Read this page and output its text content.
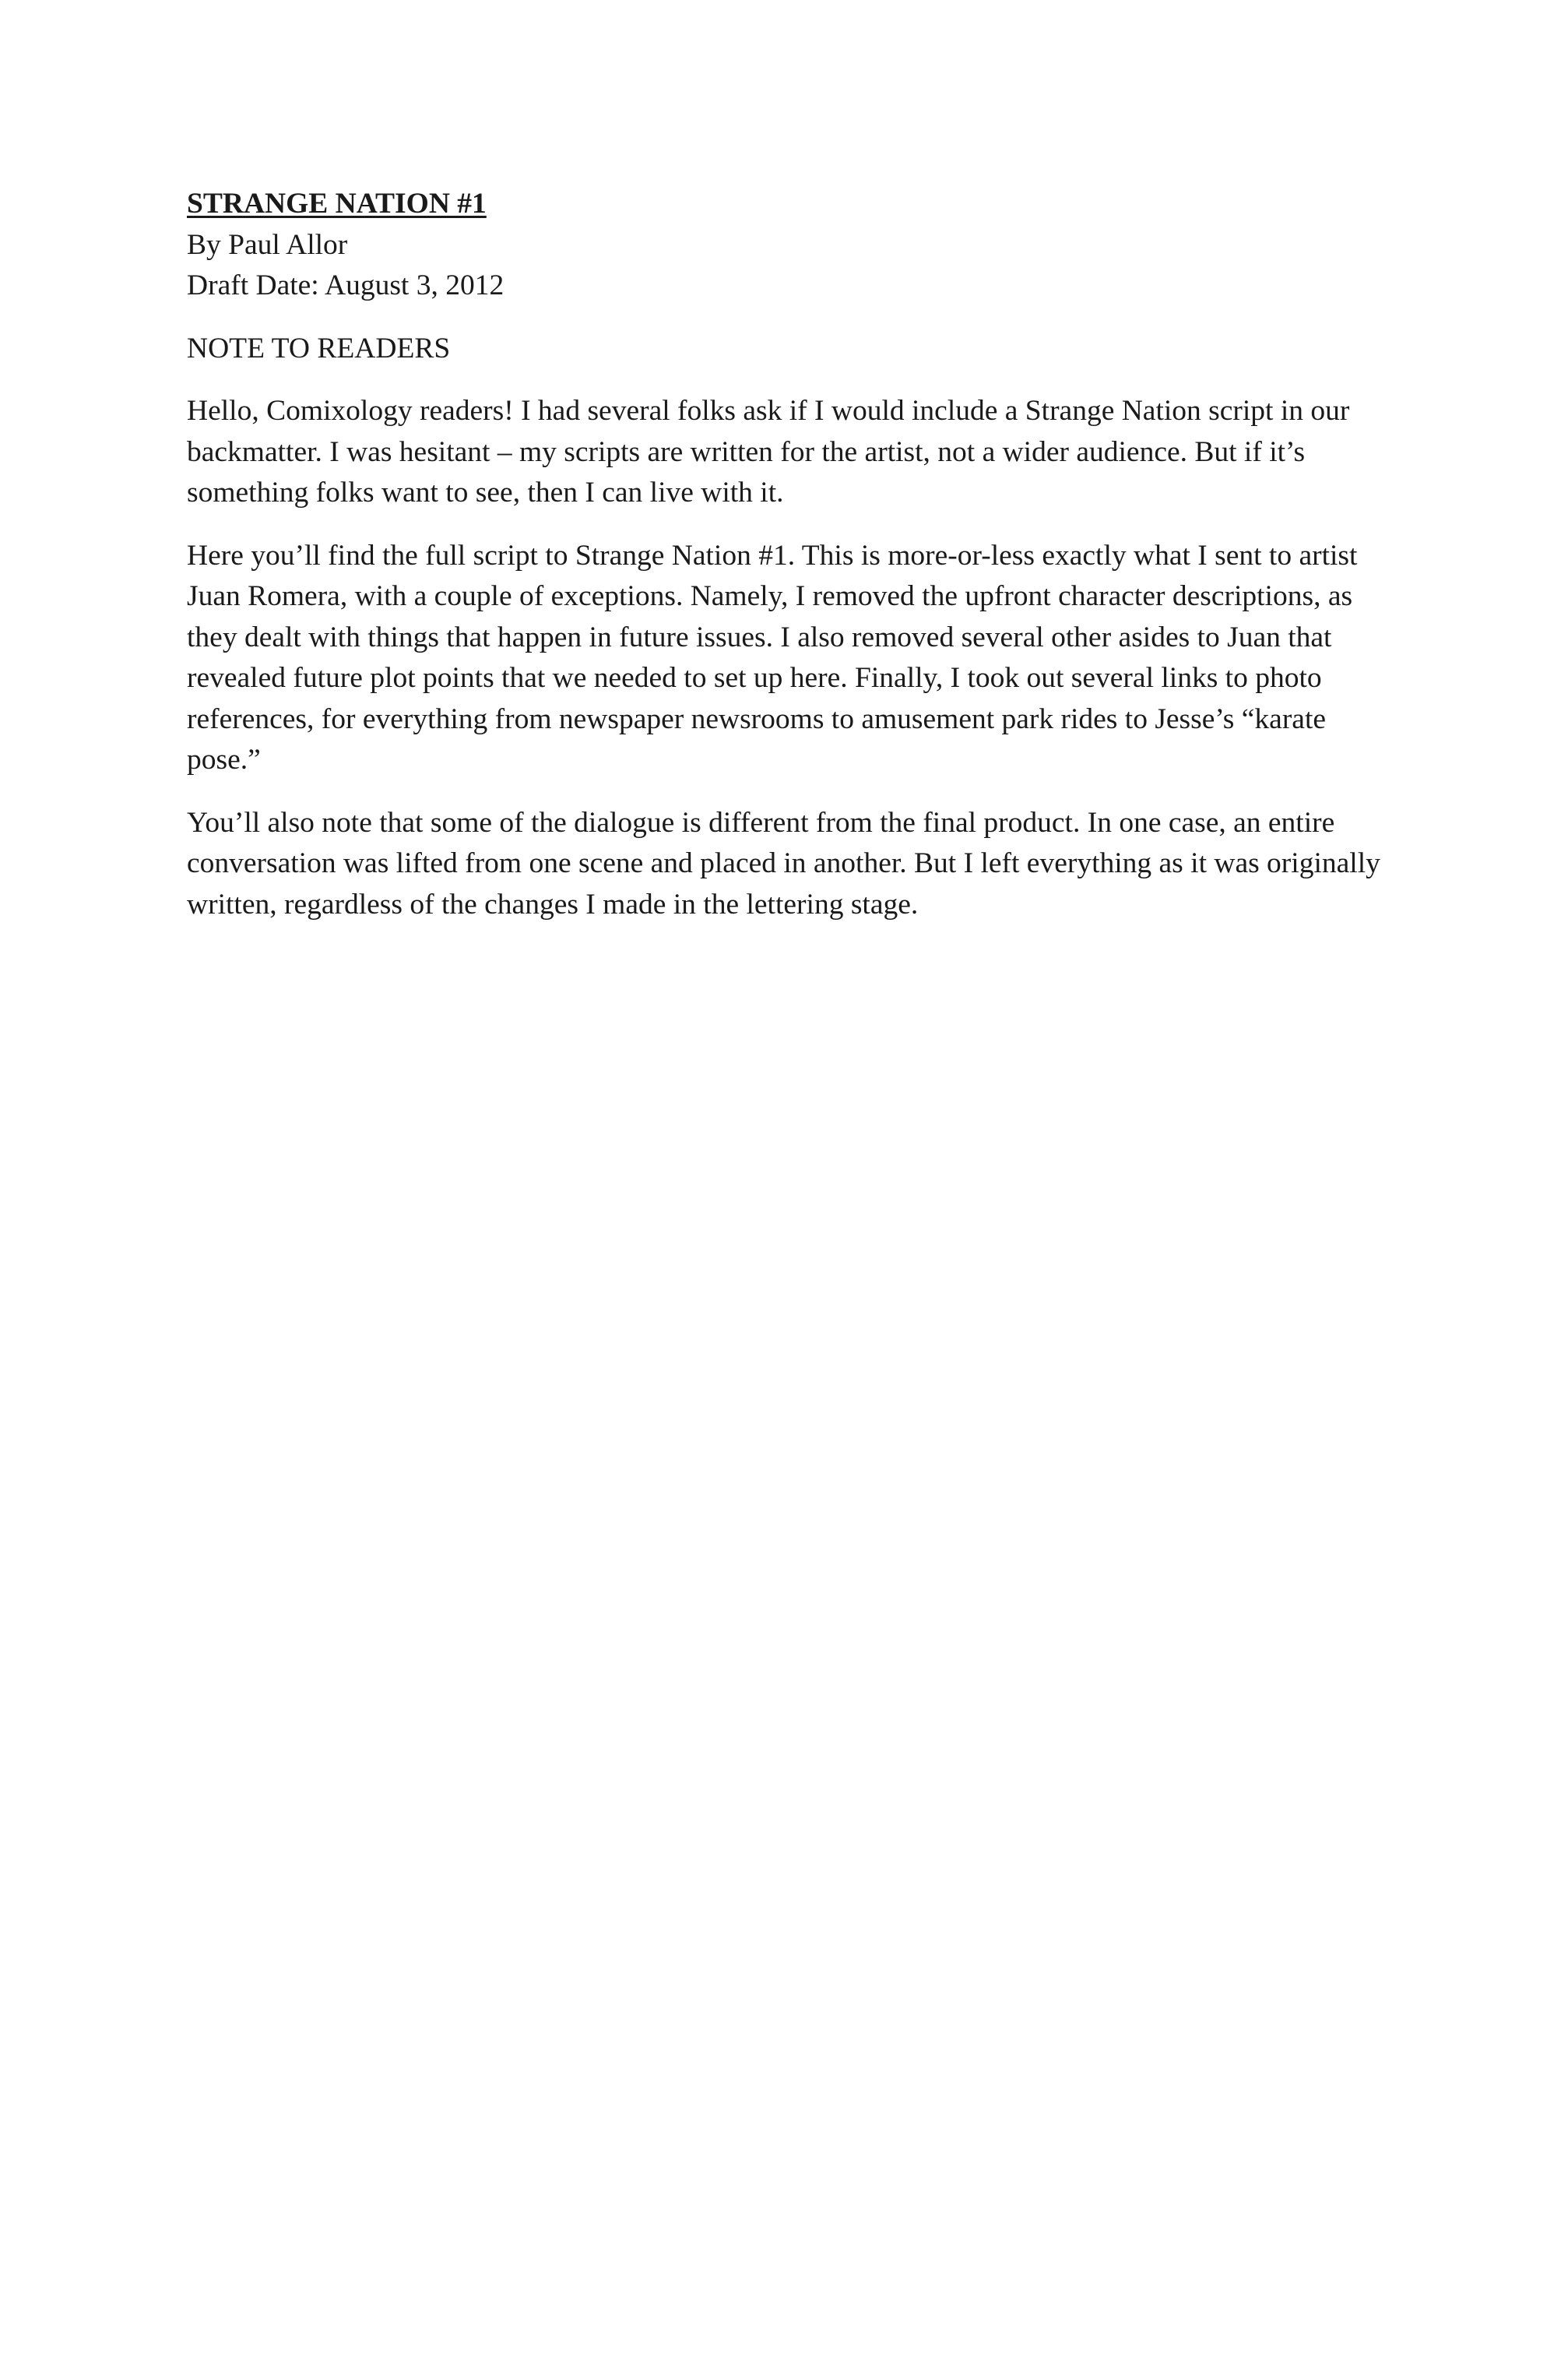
STRANGE NATION #1

By Paul Allor

Draft Date: August 3, 2012

NOTE TO READERS

Hello, Comixology readers! I had several folks ask if I would include a Strange Nation script in our backmatter. I was hesitant – my scripts are written for the artist, not a wider audience. But if it’s something folks want to see, then I can live with it.

Here you’ll find the full script to Strange Nation #1. This is more-or-less exactly what I sent to artist Juan Romera, with a couple of exceptions. Namely, I removed the upfront character descriptions, as they dealt with things that happen in future issues. I also removed several other asides to Juan that revealed future plot points that we needed to set up here. Finally, I took out several links to photo references, for everything from newspaper newsrooms to amusement park rides to Jesse’s “karate pose.”

You’ll also note that some of the dialogue is different from the final product. In one case, an entire conversation was lifted from one scene and placed in another. But I left everything as it was originally written, regardless of the changes I made in the lettering stage.
